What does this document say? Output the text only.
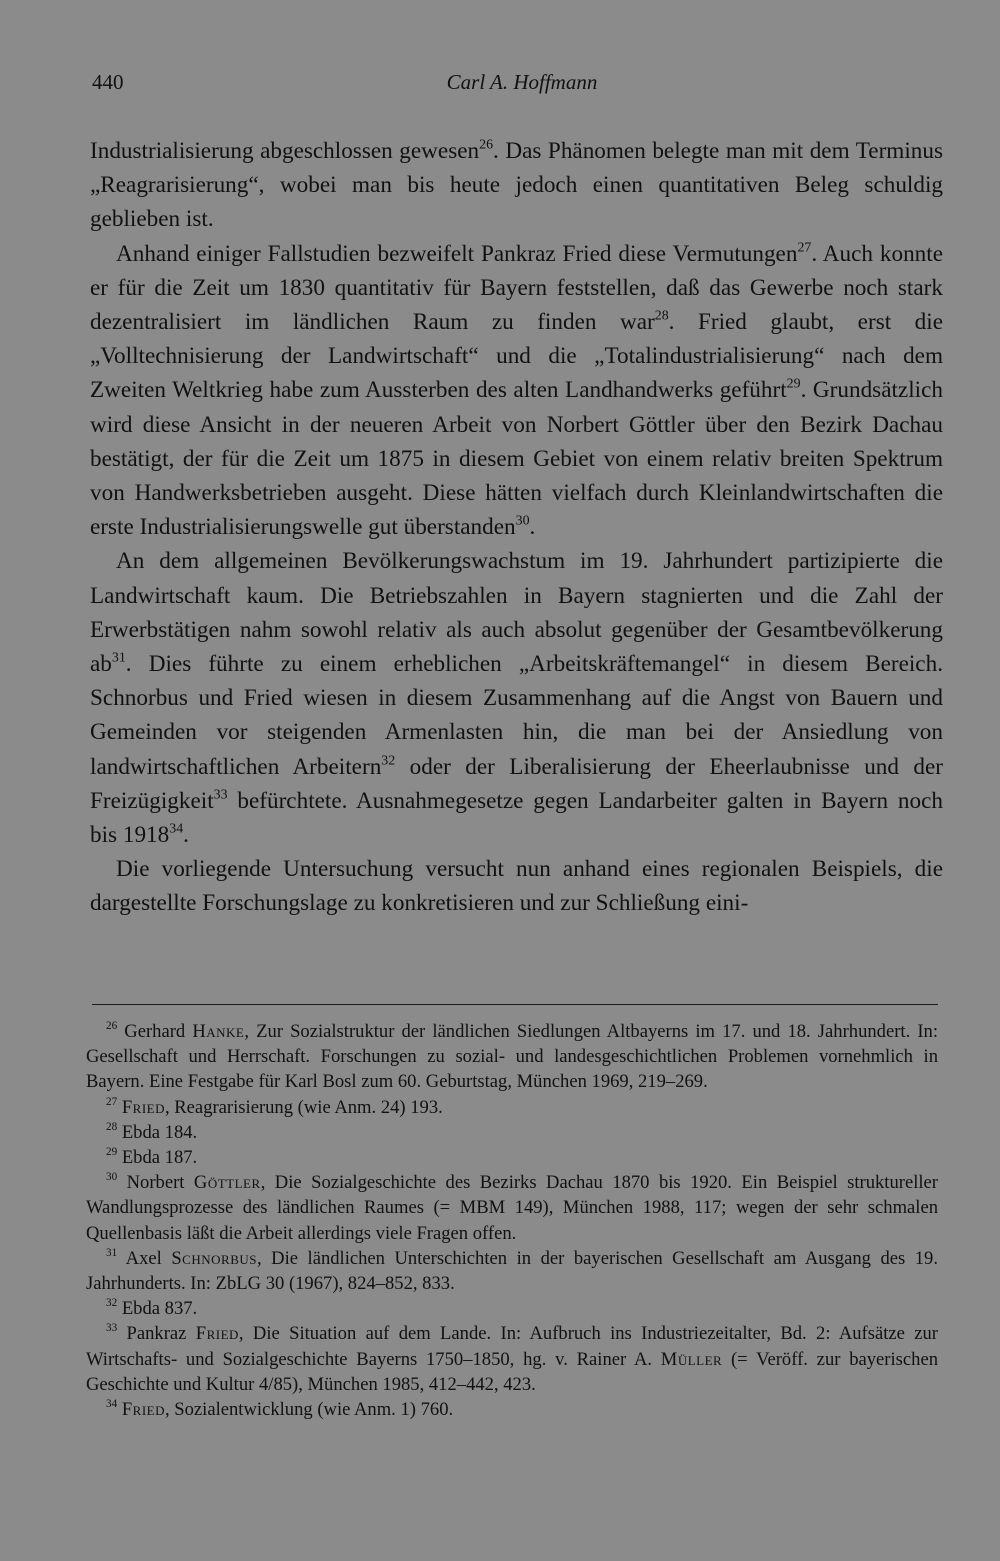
440	Carl A. Hoffmann

Industrialisierung abgeschlossen gewesen$^{26}$. Das Phänomen belegte man mit dem Terminus „Reagrarisierung“, wobei man bis heute jedoch einen quantitativen Beleg schuldig geblieben ist.

Anhand einiger Fallstudien bezweifelt Pankraz Fried diese Vermutungen$^{27}$. Auch konnte er für die Zeit um 1830 quantitativ für Bayern feststellen, daß das Gewerbe noch stark dezentralisiert im ländlichen Raum zu finden war$^{28}$. Fried glaubt, erst die „Volltechnisierung der Landwirtschaft“ und die „Totalindustrialisierung“ nach dem Zweiten Weltkrieg habe zum Aussterben des alten Landhandwerks geführt$^{29}$. Grundsätzlich wird diese Ansicht in der neueren Arbeit von Norbert Göttler über den Bezirk Dachau bestätigt, der für die Zeit um 1875 in diesem Gebiet von einem relativ breiten Spektrum von Handwerksbetrieben ausgeht. Diese hätten vielfach durch Kleinlandwirtschaften die erste Industrialisierungswelle gut überstanden$^{30}$.

An dem allgemeinen Bevölkerungswachstum im 19. Jahrhundert partizipierte die Landwirtschaft kaum. Die Betriebszahlen in Bayern stagnierten und die Zahl der Erwerbstätigen nahm sowohl relativ als auch absolut gegenüber der Gesamtbevölkerung $ab^{31}$. Dies führte zu einem erheblichen „Arbeitskräftemangel“ in diesem Bereich. Schnorbus und Fried wiesen in diesem Zusammenhang auf die Angst von Bauern und Gemeinden vor steigenden Armenlasten hin, die man bei der Ansiedlung von landwirtschaftlichen Arbeitern$^{32}$ oder der Liberalisierung der Eheerlaubnisse und der Freizügigkeit$^{33}$ befürchtete. Ausnahmegesetze gegen Landarbeiter galten in Bayern noch bis 1918$^{34}$.

Die vorliegende Untersuchung versucht nun anhand eines regionalen Beispiels, die dargestellte Forschungslage zu konkretisieren und zur Schließung eini-

$^{26}$ Gerhard Hanke, Zur Sozialstruktur der ländlichen Siedlungen Altbayerns im 17. und 18. Jahrhundert. In: Gesellschaft und Herrschaft. Forschungen zu sozial- und landesgeschichtlichen Problemen vornehmlich in Bayern. Eine Festgabe für Karl Bosl zum 60. Geburtstag, München 1969, 219–269.

$^{27}$ Fried, Reagrarisierung (wie Anm. 24) 193.

$^{28}$ Ebda 184.

$^{29}$ Ebda 187.

$^{30}$ Norbert Göttler, Die Sozialgeschichte des Bezirks Dachau 1870 bis 1920. Ein Beispiel struktureller Wandlungsprozesse des ländlichen Raumes (= MBM 149), München 1988, 117; wegen der sehr schmalen Quellenbasis läßt die Arbeit allerdings viele Fragen offen.

$^{31}$ Axel Schnorbus, Die ländlichen Unterschichten in der bayerischen Gesellschaft am Ausgang des 19. Jahrhunderts. In: ZbLG 30 (1967), 824–852, 833.

$^{32}$ Ebda 837.

$^{33}$ Pankraz Fried, Die Situation auf dem Lande. In: Aufbruch ins Industriezeitalter, Bd. 2: Aufsätze zur Wirtschafts- und Sozialgeschichte Bayerns 1750–1850, hg. v. Rainer A. Müller (= Veröff. zur bayerischen Geschichte und Kultur 4/85), München 1985, 412–442, 423.

$^{34}$ Fried, Sozialentwicklung (wie Anm. 1) 760.
